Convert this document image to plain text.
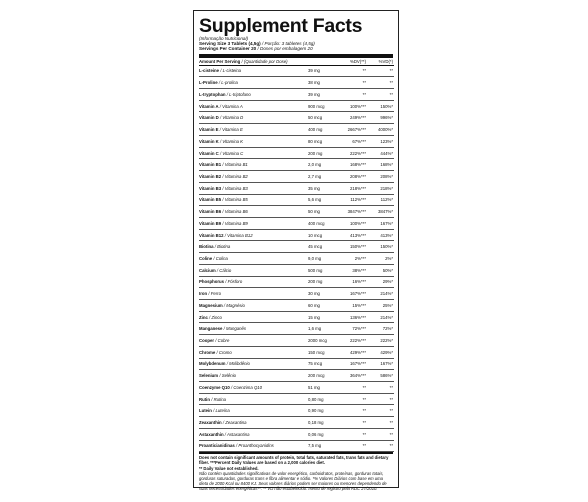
Supplement Facts
(Informação Nutricional)
Serving Size 3 Tablets (4,5g) / Porção: 3 tabletes (4,5g)
Servings Per Container 20 / Doses por embalagem 20
Amount Per Serving / (Quantidade por Dose)		%DV(**)	%VD(*)
L-cisteine / L-cisteina	39 mg	**	**
L-Proline / L-prolina	38 mg	**	**
L-tryptophan / L-triptofano	39 mg	**	**
Vitamin A / Vitamina A	900 mcg	100%***	150%*
Vitamin D / Vitamina D	50 mcg	249%***	996%*
Vitamin E / Vitamina E	400 mg	2667%***	4000%*
Vitamin K / Vitamina K	80 mcg	67%***	123%*
Vitamin C / Vitamina C	200 mg	222%***	444%*
Vitamin B1 / Vitamina B1	2,0 mg	168%***	168%*
Vitamin B2 / Vitamina B2	2,7 mg	208%***	208%*
Vitamin B3 / Vitamina B3	35 mg	218%***	218%*
Vitamin B5 / Vitamina B5	5,6 mg	112%***	112%*
Vitamin B6 / Vitamina B6	50 mg	3847%***	3847%*
Vitamin B9 / Vitamina B9	400 mcg	100%***	167%*
Vitamin B12 / Vitamina B12	10 mcg	413%***	413%*
Biotina / Biotina	45 mcg	150%***	150%*
Coline / Colina	9,0 mg	2%***	2%*
Calcium / Cálcio	500 mg	38%***	50%*
Phosphorus / Fósforo	200 mg	16%***	29%*
Iron / Ferro	30 mg	167%***	214%*
Magnesium / Magnésio	60 mg	15%***	25%*
Zinc / Zinco	15 mg	136%***	214%*
Manganese / Manganês	1,6 mg	72%***	72%*
Cooper / Cobre	2000 mcg	222%***	222%*
Chrome / Cromo	150 mcg	429%***	429%*
Molybdenum / Molibdênio	75 mcg	167%***	167%*
Selenium / Selênio	200 mcg	364%***	586%*
Coenzyme Q10 / Coenzima Q10	51 mg	**	**
Rutin / Rutina	0,80 mg	**	**
Lutein / Luteína	0,90 mg	**	**
Zeaxanthin / Zeaxantina	0,18 mg	**	**
Astaxanthin / Astaxantina	0,06 mg	**	**
Proanticianidinas / Proanthocyanidins	7,5 mg	**	**
Does not contain significant amounts of protein, total fats, saturated fats, trans fats and dietary fiber. ***Percent Daily Values are based on a 2,000 calories diet.
** Daily Value not established.
Não contém quantidades significativas de valor energético, carboidratos, proteínas, gorduras totais, gorduras saturadas, gorduras trans e fibra alimentar e sódio. *% Valores Diários com base em uma dieta de 2000 Kcal ou 8400 KJ. Seus valores diários podem ser maiores ou menores dependendo de suas necessidades energéticas**. ** VD não estabelecido. Isento de registro pela RDC 27/2010.
